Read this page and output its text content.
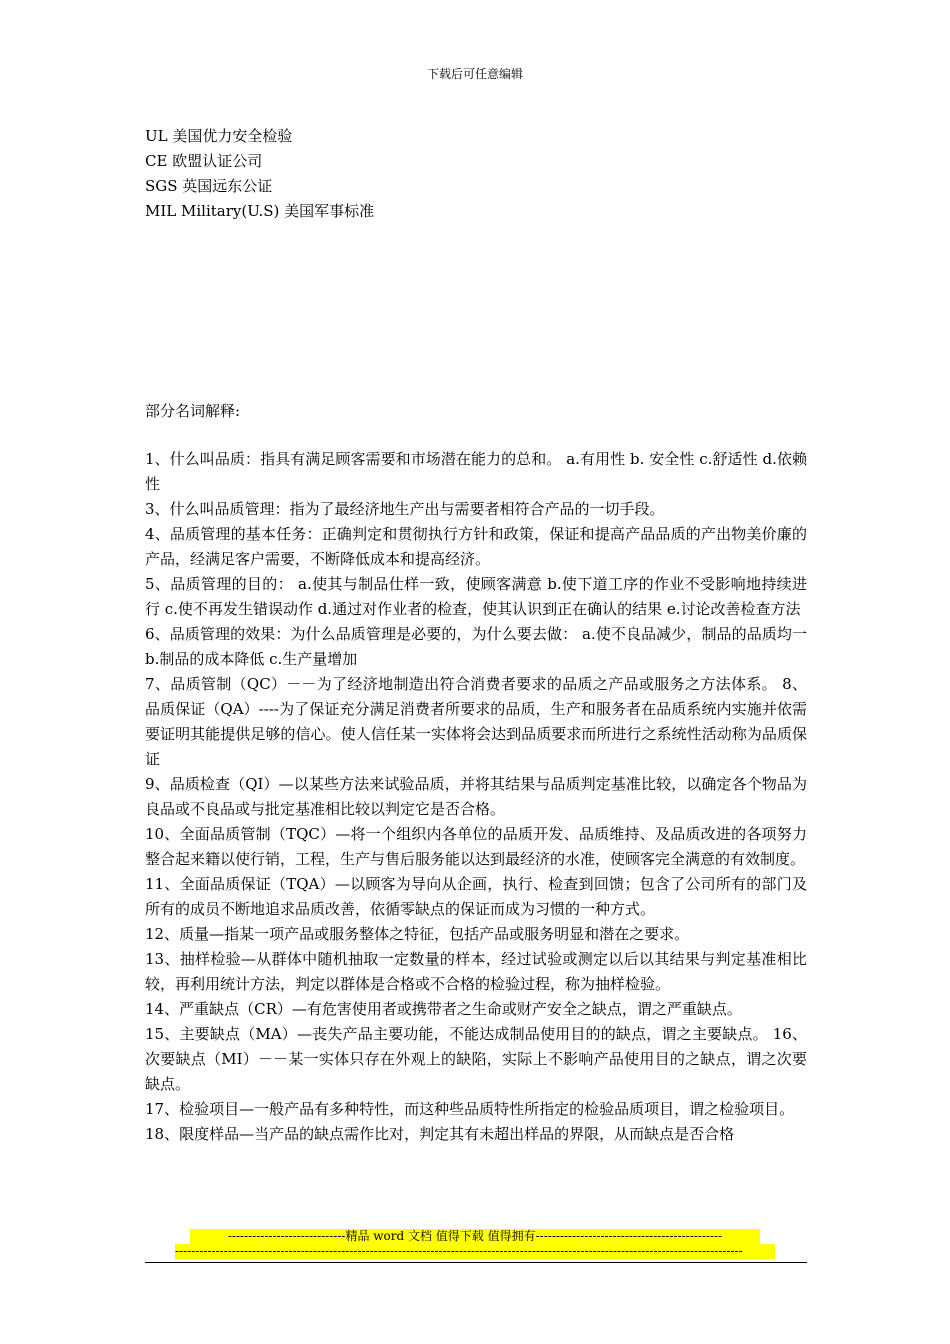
下载后可任意编辑
UL 美国优力安全检验
CE 欧盟认证公司
SGS 英国远东公证
MIL Military(U.S) 美国军事标准
部分名词解释:

1、什么叫品质：指具有满足顾客需要和市场潜在能力的总和。 a.有用性 b. 安全性 c.舒适性 d.依赖性

3、什么叫品质管理：指为了最经济地生产出与需要者相符合产品的一切手段。

4、品质管理的基本任务：正确判定和贯彻执行方针和政策，保证和提高产品品质的产出物美价廉的产品，经满足客户需要，不断降低成本和提高经济。

5、品质管理的目的： a.使其与制品仕样一致，使顾客满意 b.使下道工序的作业不受影响地持续进行 c.使不再发生错误动作 d.通过对作业者的检查，使其认识到正在确认的结果 e.讨论改善检查方法

6、品质管理的效果：为什么品质管理是必要的，为什么要去做： a.使不良品减少，制品的品质均一 b.制品的成本降低 c.生产量增加

7、品质管制（QC）－－为了经济地制造出符合消费者要求的品质之产品或服务之方法体系。 8、品质保证（QA）----为了保证充分满足消费者所要求的品质，生产和服务者在品质系统内实施并依需要证明其能提供足够的信心。使人信任某一实体将会达到品质要求而所进行之系统性活动称为品质保证

9、品质检查（QI）—以某些方法来试验品质，并将其结果与品质判定基准比较，以确定各个物品为良品或不良品或与批定基准相比较以判定它是否合格。

10、全面品质管制（TQC）—将一个组织内各单位的品质开发、品质维持、及品质改进的各项努力整合起来籍以使行销，工程，生产与售后服务能以达到最经济的水准，使顾客完全满意的有效制度。

11、全面品质保证（TQA）—以顾客为导向从企画，执行、检查到回馈；包含了公司所有的部门及所有的成员不断地追求品质改善，依循零缺点的保证而成为习惯的一种方式。

12、质量—指某一项产品或服务整体之特征，包括产品或服务明显和潜在之要求。

13、抽样检验—从群体中随机抽取一定数量的样本，经过试验或测定以后以其结果与判定基准相比较，再利用统计方法，判定以群体是合格或不合格的检验过程，称为抽样检验。

14、严重缺点（CR）—有危害使用者或携带者之生命或财产安全之缺点，谓之严重缺点。

15、主要缺点（MA）—丧失产品主要功能，不能达成制品使用目的的缺点，谓之主要缺点。 16、次要缺点（MI）－－某一实体只存在外观上的缺陷，实际上不影响产品使用目的之缺点，谓之次要缺点。

17、检验项目—一般产品有多种特性，而这种些品质特性所指定的检验品质项目，谓之检验项目。

18、限度样品—当产品的缺点需作比对，判定其有未超出样品的界限，从而缺点是否合格

-----------------------------精品 word 文档 值得下载 值得拥有----------------------------------------------
--------------------------------------------------------------------------------------------------------------------------------------------
